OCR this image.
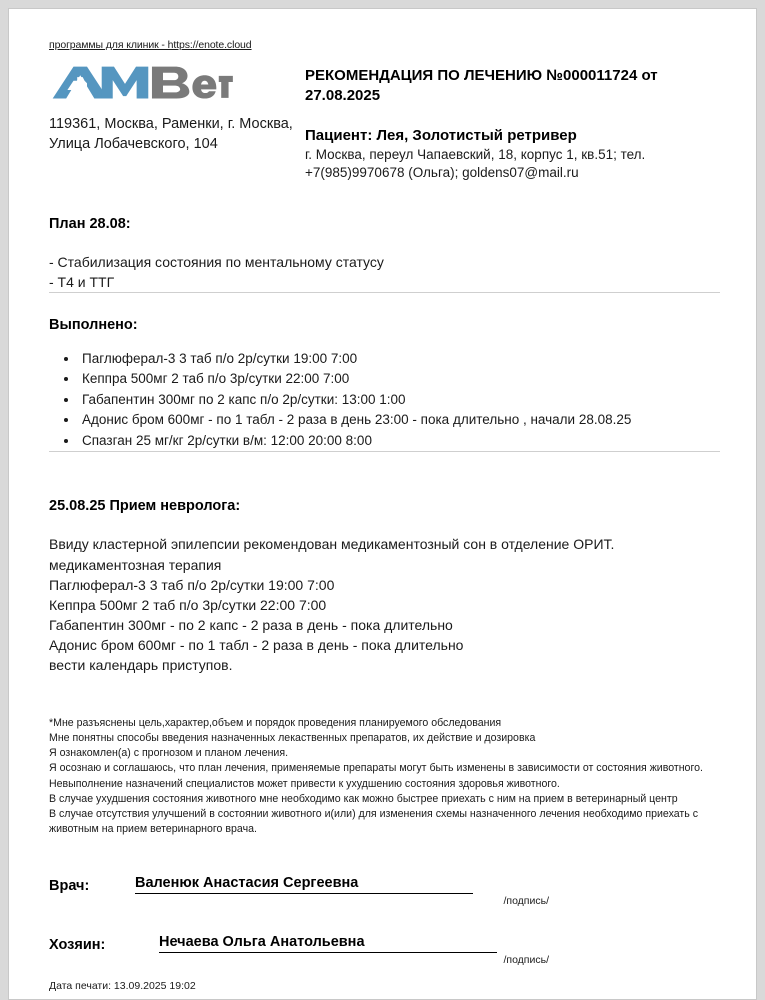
программы для клиник - https://enote.cloud
119361, Москва, Раменки, г. Москва, Улица Лобачевского, 104
РЕКОМЕНДАЦИЯ ПО ЛЕЧЕНИЮ №000011724 от 27.08.2025
Пациент: Лея, Золотистый ретривер
г. Москва, переул Чапаевский, 18, корпус 1, кв.51; тел. +7(985)9970678 (Ольга); goldens07@mail.ru
План 28.08:
- Стабилизация состояния по ментальному статусу
- Т4 и ТТГ
Выполнено:
• Паглюферал-3 3 таб п/о 2р/сутки 19:00 7:00
• Кеппра 500мг 2 таб п/о 3р/сутки 22:00 7:00
• Габапентин 300мг по 2 капс п/о 2р/сутки: 13:00 1:00
• Адонис бром 600мг - по 1 табл - 2 раза в день 23:00 - пока длительно , начали 28.08.25
• Спазган 25 мг/кг 2р/сутки в/м: 12:00 20:00 8:00
25.08.25 Прием невролога:
Ввиду кластерной эпилепсии рекомендован медикаментозный сон в отделение ОРИТ.
медикаментозная терапия
Паглюферал-3 3 таб п/о 2р/сутки 19:00 7:00
Кеппра 500мг 2 таб п/о 3р/сутки 22:00 7:00
Габапентин 300мг - по 2 капс - 2 раза в день - пока длительно
Адонис бром 600мг - по 1 табл - 2 раза в день - пока длительно
вести календарь приступов.
*Мне разъяснены цель,характер,объем и порядок проведения планируемого обследования
Мне понятны способы введения назначенных лекаственных препаратов, их действие и дозировка
Я ознакомлен(а) с прогнозом и планом лечения.
Я осознаю и соглашаюсь, что план лечения, применяемые препараты могут быть изменены в зависимости от состояния животного.
Невыполнение назначений специалистов может привести к ухудшению состояния здоровья животного.
В случае ухудшения состояния животного мне необходимо как можно быстрее приехать с ним на прием в ветеринарный центр
В случае отсутствия улучшений в состоянии животного и(или) для изменения схемы назначенного лечения необходимо приехать с животным на прием ветеринарного врача.
Врач:	Валенюк Анастасия Сергеевна
/подпись/
Хозяин:	Нечаева Ольга Анатольевна
/подпись/
Дата печати: 13.09.2025 19:02
